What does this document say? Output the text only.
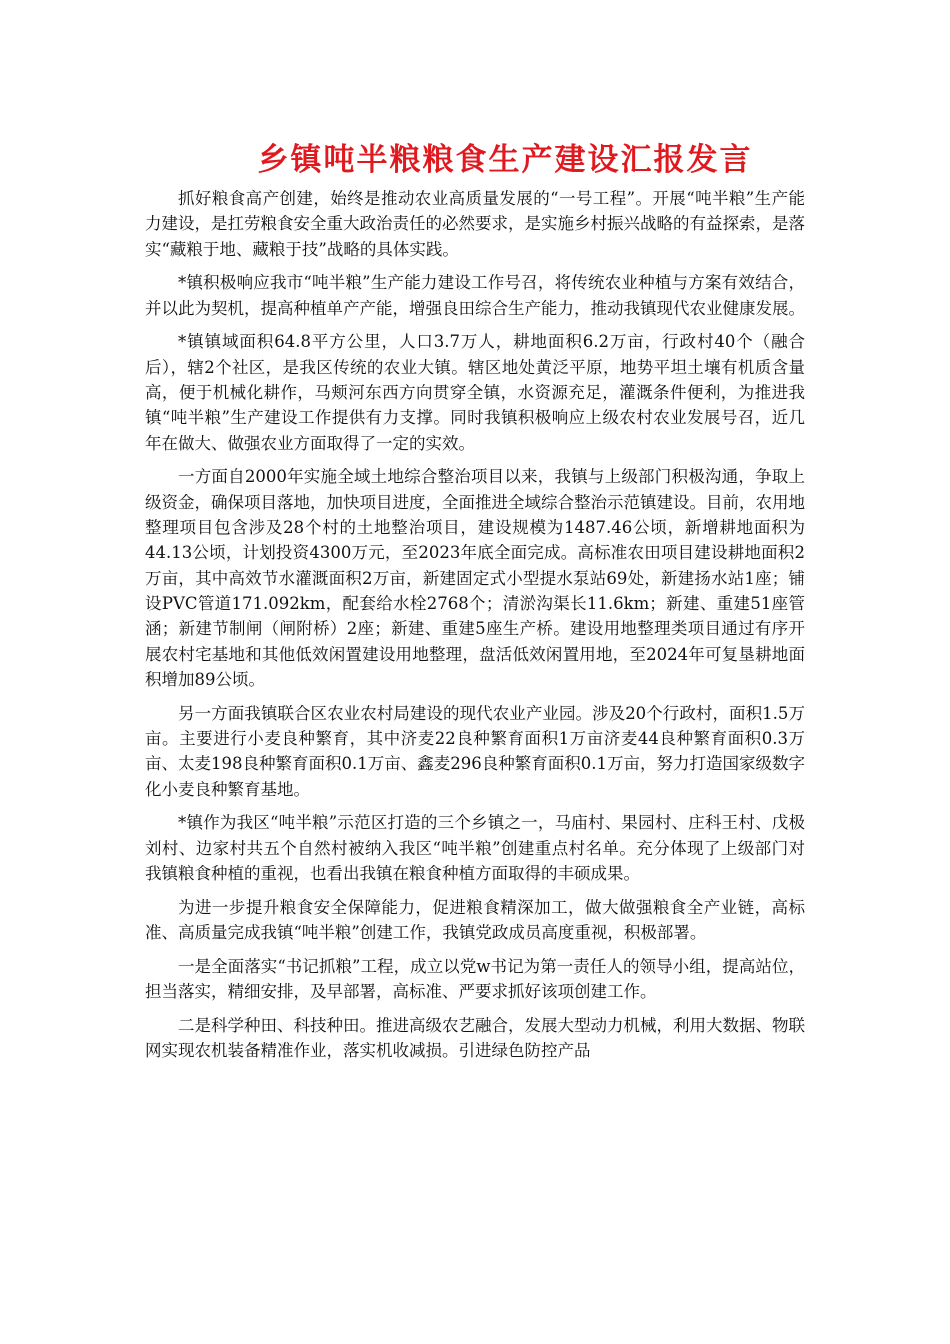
乡镇吨半粮粮食生产建设汇报发言

抓好粮食高产创建，始终是推动农业高质量发展的“一号工程”。开展“吨半粮”生产能力建设，是扛劳粮食安全重大政治责任的必然要求，是实施乡村振兴战略的有益探索，是落实“藏粮于地、藏粮于技”战略的具体实践。

*镇积极响应我市“吨半粮”生产能力建设工作号召，将传统农业种植与方案有效结合，并以此为契机，提高种植单产产能，增强良田综合生产能力，推动我镇现代农业健康发展。

*镇镇域面积64.8平方公里，人口3.7万人，耕地面积6.2万亩，行政村40个（融合后），辖2个社区，是我区传统的农业大镇。辖区地处黄泛平原，地势平坦土壤有机质含量高，便于机械化耕作，马颊河东西方向贯穿全镇，水资源充足，灌溉条件便利，为推进我镇“吨半粮”生产建设工作提供有力支撑。同时我镇积极响应上级农村农业发展号召，近几年在做大、做强农业方面取得了一定的实效。

一方面自2000年实施全域土地综合整治项目以来，我镇与上级部门积极沟通，争取上级资金，确保项目落地，加快项目进度，全面推进全域综合整治示范镇建设。目前，农用地整理项目包含涉及28个村的土地整治项目，建设规模为1487.46公顷，新增耕地面积为44.13公顷，计划投资4300万元，至2023年底全面完成。高标准农田项目建设耕地面积2万亩，其中高效节水灌溉面积2万亩，新建固定式小型提水泵站69处，新建扬水站1座；铺设PVC管道171.092km，配套给水栓2768个；清淤沟渠长11.6km；新建、重建51座管涵；新建节制闸（闸附桥）2座；新建、重建5座生产桥。建设用地整理类项目通过有序开展农村宅基地和其他低效闲置建设用地整理，盘活低效闲置用地，至2024年可复垦耕地面积增加89公顷。

另一方面我镇联合区农业农村局建设的现代农业产业园。涉及20个行政村，面积1.5万亩。主要进行小麦良种繁育，其中济麦22良种繁育面积1万亩济麦44良种繁育面积0.3万亩、太麦198良种繁育面积0.1万亩、鑫麦296良种繁育面积0.1万亩，努力打造国家级数字化小麦良种繁育基地。

*镇作为我区“吨半粮”示范区打造的三个乡镇之一，马庙村、果园村、庄科王村、戊极刘村、边家村共五个自然村被纳入我区“吨半粮”创建重点村名单。充分体现了上级部门对我镇粮食种植的重视，也看出我镇在粮食种植方面取得的丰硕成果。

为进一步提升粮食安全保障能力，促进粮食精深加工，做大做强粮食全产业链，高标准、高质量完成我镇“吨半粮”创建工作，我镇党政成员高度重视，积极部署。

一是全面落实“书记抓粮”工程，成立以党w书记为第一责任人的领导小组，提高站位，担当落实，精细安排，及早部署，高标准、严要求抓好该项创建工作。

二是科学种田、科技种田。推进高级农艺融合，发展大型动力机械，利用大数据、物联网实现农机装备精准作业，落实机收减损。引进绿色防控产品
